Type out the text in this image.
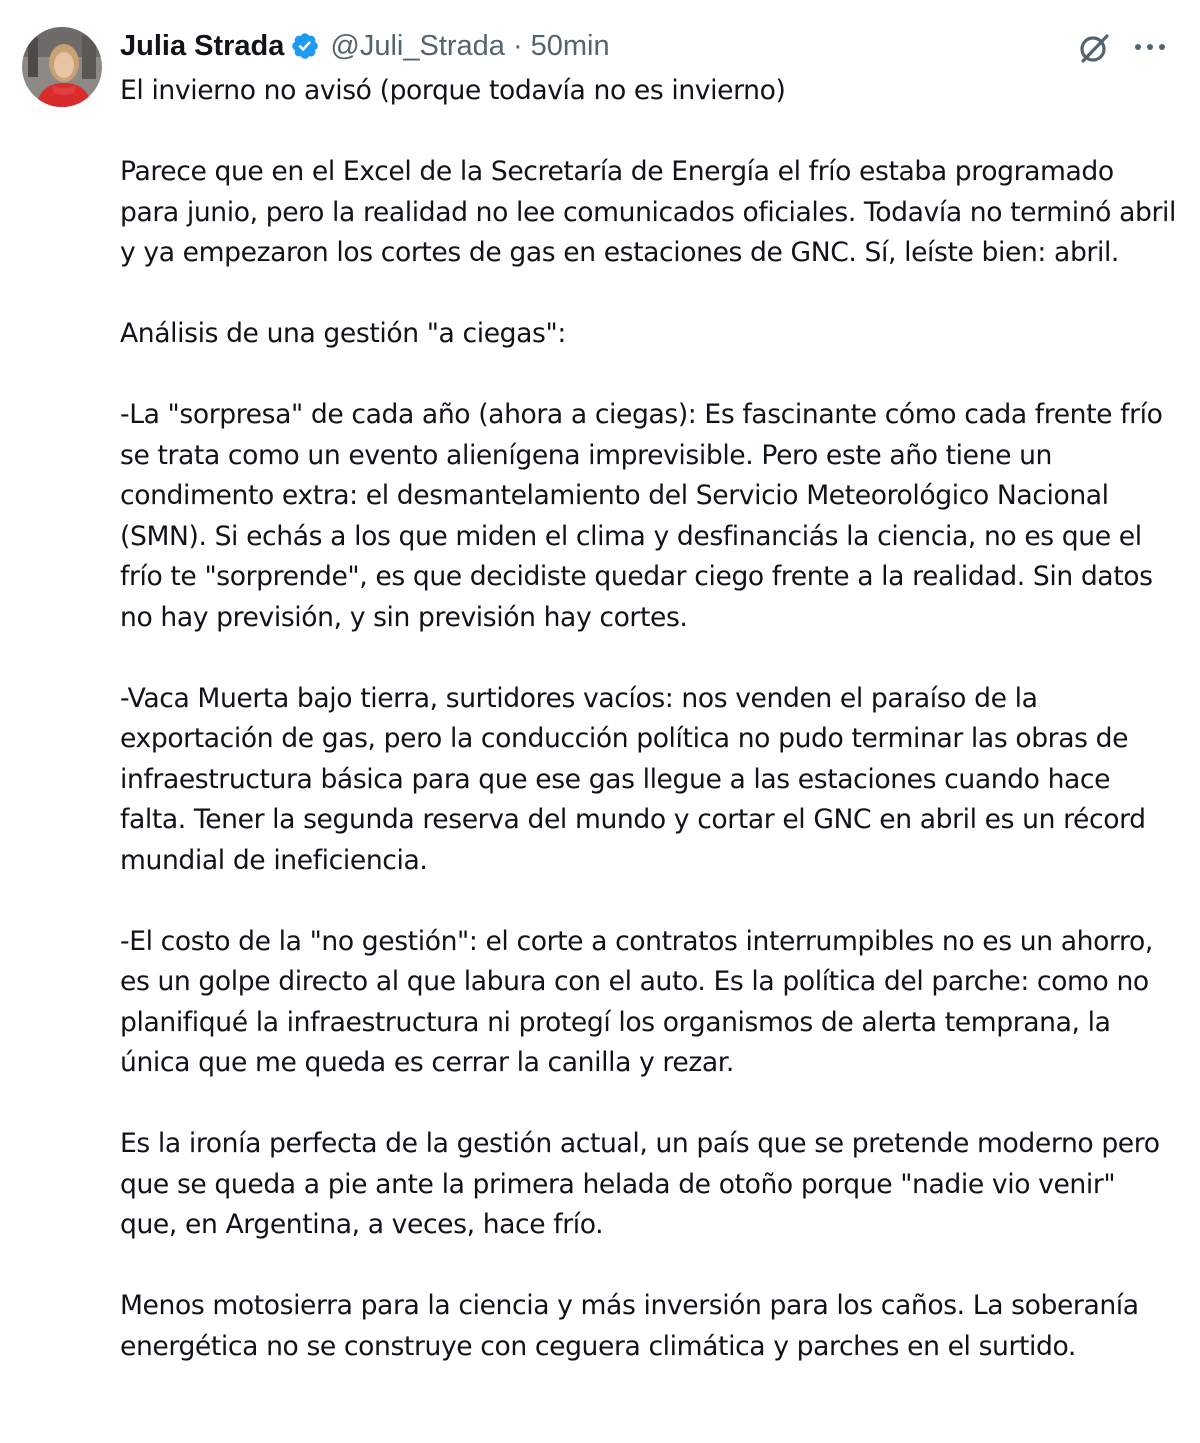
Julia Strada @Juli_Strada · 50min

El invierno no avisó (porque todavía no es invierno)

Parece que en el Excel de la Secretaría de Energía el frío estaba programado para junio, pero la realidad no lee comunicados oficiales. Todavía no terminó abril y ya empezaron los cortes de gas en estaciones de GNC. Sí, leíste bien: abril.

Análisis de una gestión "a ciegas":

-La "sorpresa" de cada año (ahora a ciegas): Es fascinante cómo cada frente frío se trata como un evento alienígena imprevisible. Pero este año tiene un condimento extra: el desmantelamiento del Servicio Meteorológico Nacional (SMN). Si echás a los que miden el clima y desfinanciás la ciencia, no es que el frío te "sorprende", es que decidiste quedar ciego frente a la realidad. Sin datos no hay previsión, y sin previsión hay cortes.

-Vaca Muerta bajo tierra, surtidores vacíos: nos venden el paraíso de la exportación de gas, pero la conducción política no pudo terminar las obras de infraestructura básica para que ese gas llegue a las estaciones cuando hace falta. Tener la segunda reserva del mundo y cortar el GNC en abril es un récord mundial de ineficiencia.

-El costo de la "no gestión": el corte a contratos interrumpibles no es un ahorro, es un golpe directo al que labura con el auto. Es la política del parche: como no planifiqué la infraestructura ni protegí los organismos de alerta temprana, la única que me queda es cerrar la canilla y rezar.

Es la ironía perfecta de la gestión actual, un país que se pretende moderno pero que se queda a pie ante la primera helada de otoño porque "nadie vio venir" que, en Argentina, a veces, hace frío.

Menos motosierra para la ciencia y más inversión para los caños. La soberanía energética no se construye con ceguera climática y parches en el surtido.
